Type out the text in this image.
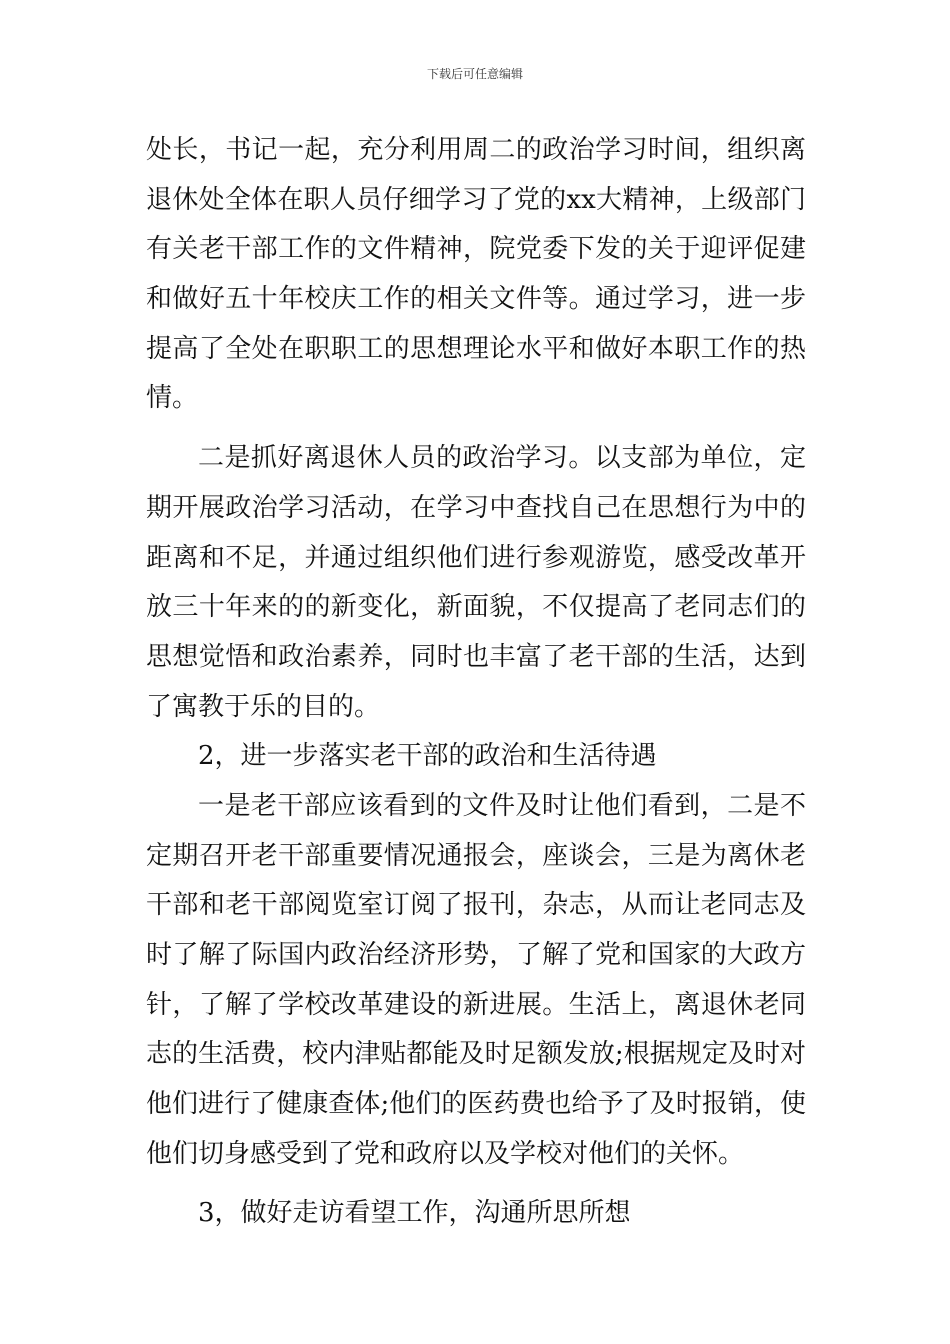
下载后可任意编辑
处长，书记一起，充分利用周二的政治学习时间，组织离
退休处全体在职人员仔细学习了党的xx大精神，上级部门
有关老干部工作的文件精神，院党委下发的关于迎评促建
和做好五十年校庆工作的相关文件等。通过学习，进一步
提高了全处在职职工的思想理论水平和做好本职工作的热
情。
二是抓好离退休人员的政治学习。以支部为单位，定
期开展政治学习活动，在学习中查找自己在思想行为中的
距离和不足，并通过组织他们进行参观游览，感受改革开
放三十年来的的新变化，新面貌，不仅提高了老同志们的
思想觉悟和政治素养，同时也丰富了老干部的生活，达到
了寓教于乐的目的。
2，进一步落实老干部的政治和生活待遇
一是老干部应该看到的文件及时让他们看到，二是不
定期召开老干部重要情况通报会，座谈会，三是为离休老
干部和老干部阅览室订阅了报刊，杂志，从而让老同志及
时了解了际国内政治经济形势，了解了党和国家的大政方
针，了解了学校改革建设的新进展。生活上，离退休老同
志的生活费，校内津贴都能及时足额发放;根据规定及时对
他们进行了健康查体;他们的医药费也给予了及时报销，使
他们切身感受到了党和政府以及学校对他们的关怀。
3，做好走访看望工作，沟通所思所想
